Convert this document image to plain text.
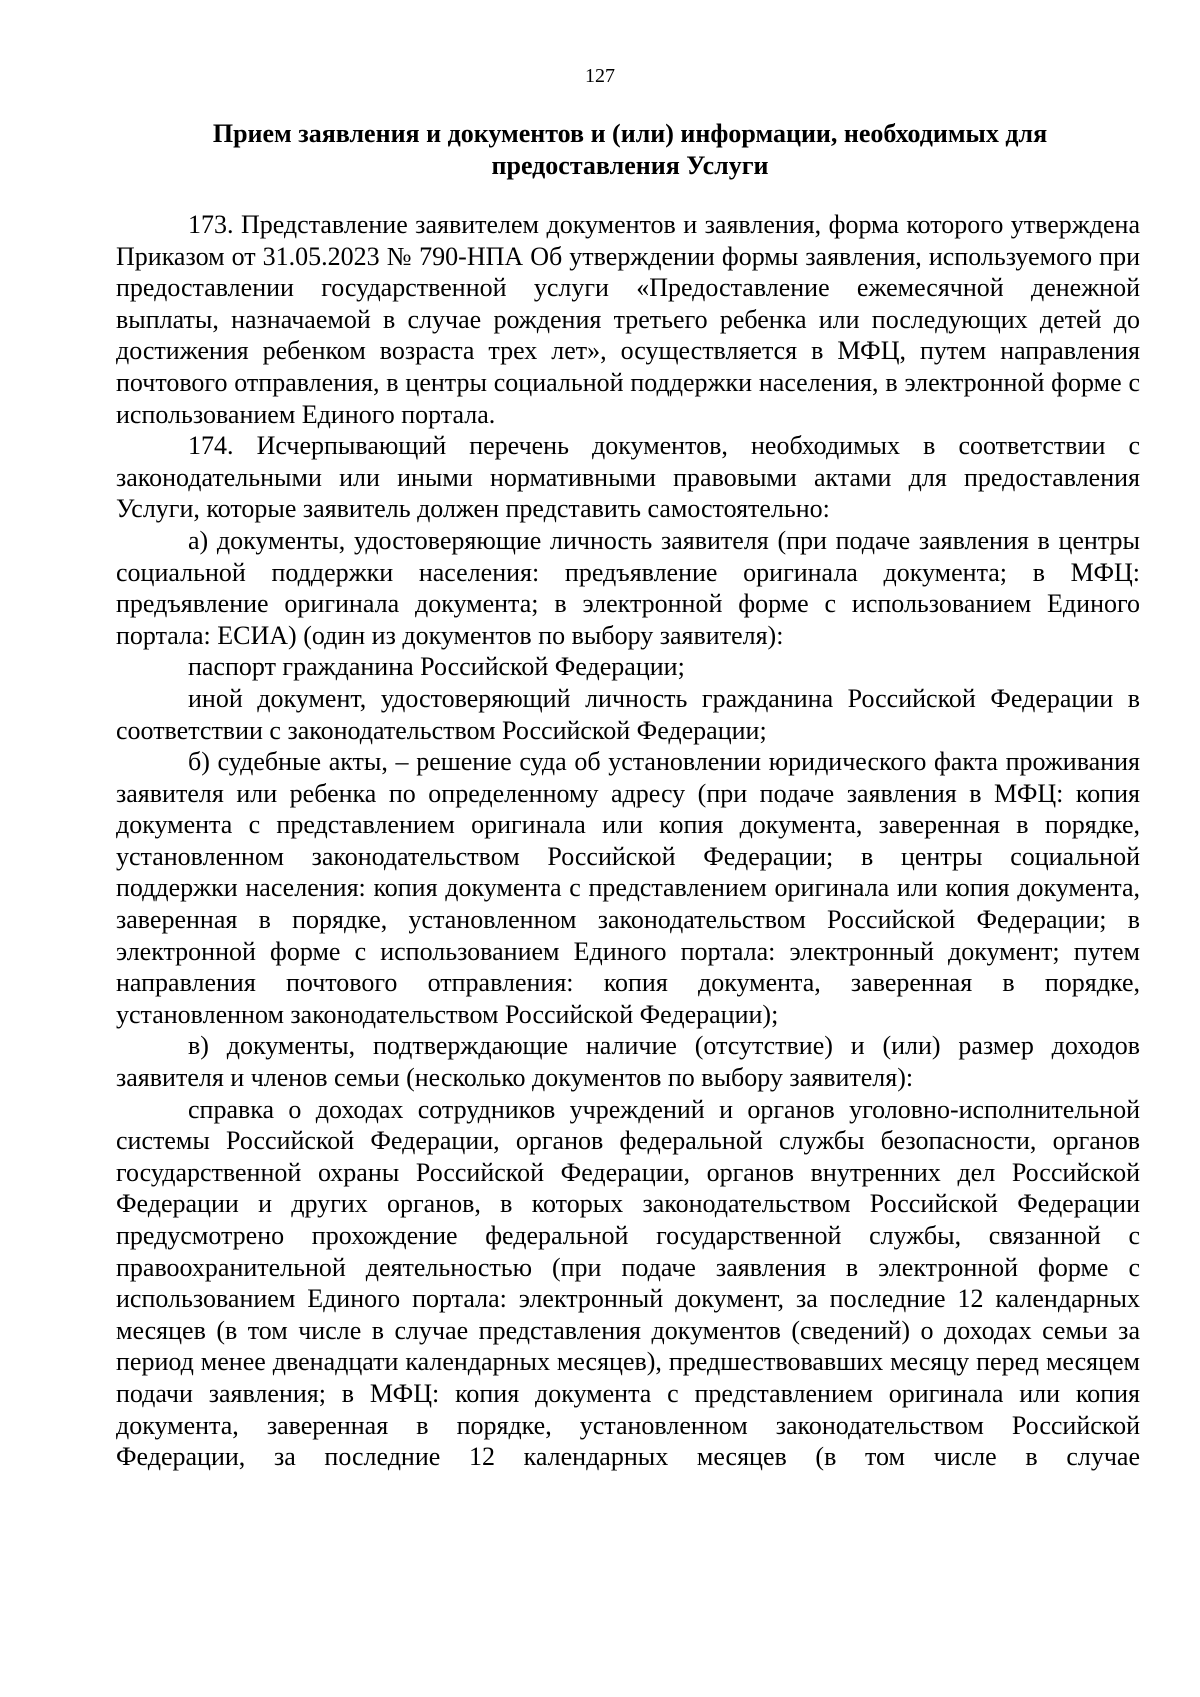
127
Прием заявления и документов и (или) информации, необходимых для предоставления Услуги

173. Представление заявителем документов и заявления, форма которого утверждена Приказом от 31.05.2023 № 790-НПА Об утверждении формы заявления, используемого при предоставлении государственной услуги «Предоставление ежемесячной денежной выплаты, назначаемой в случае рождения третьего ребенка или последующих детей до достижения ребенком возраста трех лет», осуществляется в МФЦ, путем направления почтового отправления, в центры социальной поддержки населения, в электронной форме с использованием Единого портала.

174. Исчерпывающий перечень документов, необходимых в соответствии с законодательными или иными нормативными правовыми актами для предоставления Услуги, которые заявитель должен представить самостоятельно:

а) документы, удостоверяющие личность заявителя (при подаче заявления в центры социальной поддержки населения: предъявление оригинала документа; в МФЦ: предъявление оригинала документа; в электронной форме с использованием Единого портала: ЕСИА) (один из документов по выбору заявителя):

паспорт гражданина Российской Федерации;

иной документ, удостоверяющий личность гражданина Российской Федерации в соответствии с законодательством Российской Федерации;

б) судебные акты, – решение суда об установлении юридического факта проживания заявителя или ребенка по определенному адресу (при подаче заявления в МФЦ: копия документа с представлением оригинала или копия документа, заверенная в порядке, установленном законодательством Российской Федерации; в центры социальной поддержки населения: копия документа с представлением оригинала или копия документа, заверенная в порядке, установленном законодательством Российской Федерации; в электронной форме с использованием Единого портала: электронный документ; путем направления почтового отправления: копия документа, заверенная в порядке, установленном законодательством Российской Федерации);

в) документы, подтверждающие наличие (отсутствие) и (или) размер доходов заявителя и членов семьи (несколько документов по выбору заявителя):

справка о доходах сотрудников учреждений и органов уголовно-исполнительной системы Российской Федерации, органов федеральной службы безопасности, органов государственной охраны Российской Федерации, органов внутренних дел Российской Федерации и других органов, в которых законодательством Российской Федерации предусмотрено прохождение федеральной государственной службы, связанной с правоохранительной деятельностью (при подаче заявления в электронной форме с использованием Единого портала: электронный документ, за последние 12 календарных месяцев (в том числе в случае представления документов (сведений) о доходах семьи за период менее двенадцати календарных месяцев), предшествовавших месяцу перед месяцем подачи заявления; в МФЦ: копия документа с представлением оригинала или копия документа, заверенная в порядке, установленном законодательством Российской Федерации, за последние 12 календарных месяцев (в том числе в случае
